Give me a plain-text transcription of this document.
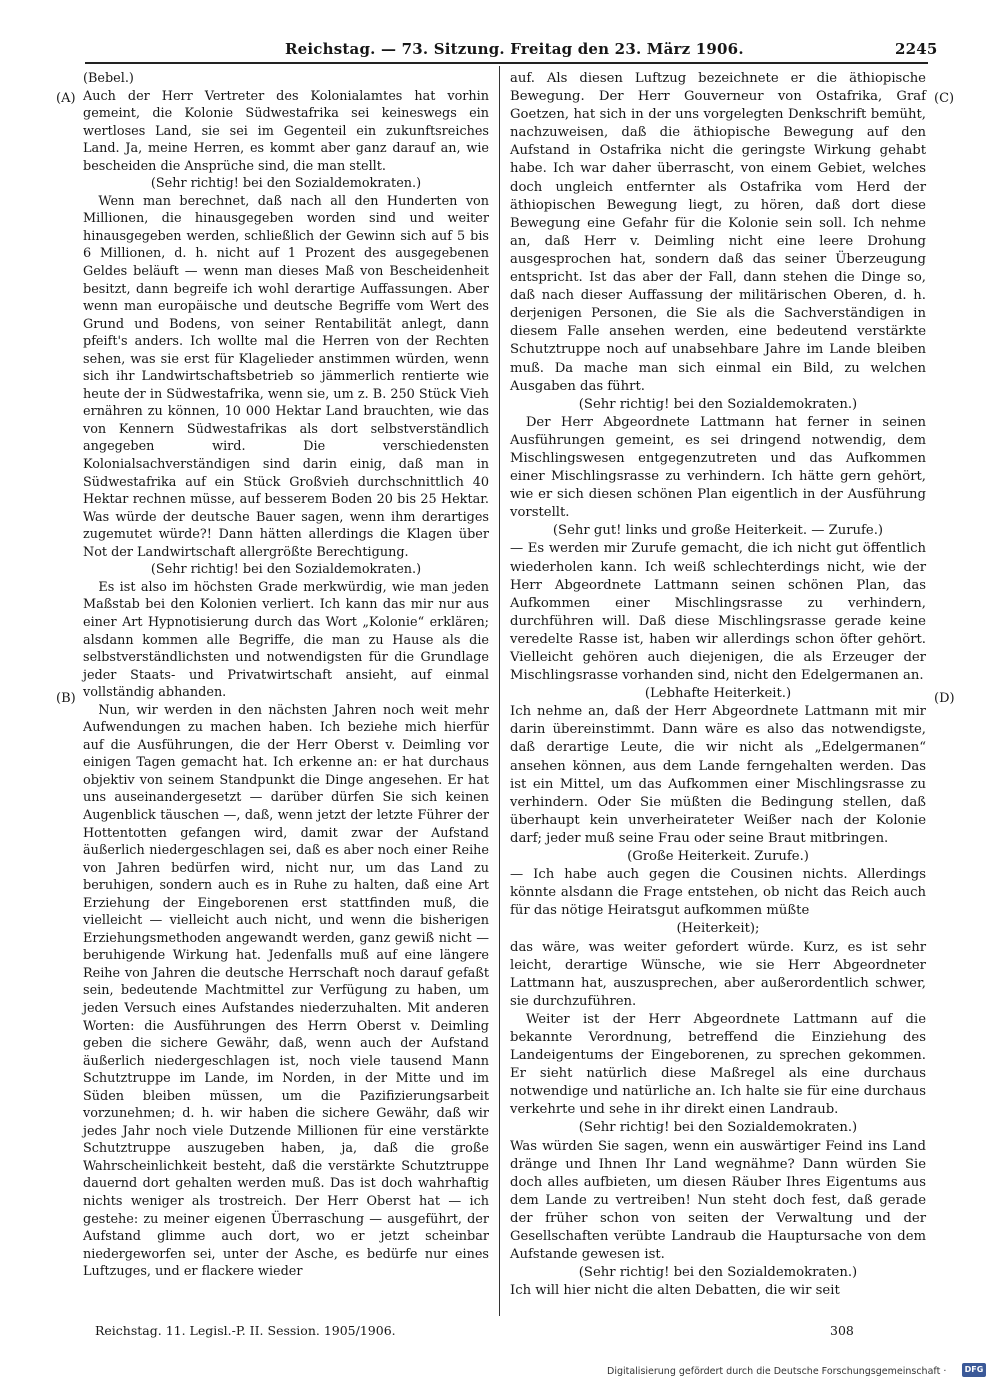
Reichstag. — 73. Sitzung. Freitag den 23. März 1906.	2245
(A)
(B)
(C)
(D)

(Bebel.)

Auch der Herr Vertreter des Kolonialamtes hat vorhin gemeint, die Kolonie Südwestafrika sei keineswegs ein wertloses Land, sie sei im Gegenteil ein zukunftsreiches Land. Ja, meine Herren, es kommt aber ganz darauf an, wie bescheiden die Ansprüche sind, die man stellt.

(Sehr richtig! bei den Sozialdemokraten.)

Wenn man berechnet, daß nach all den Hunderten von Millionen, die hinausgegeben worden sind und weiter hinausgegeben werden, schließlich der Gewinn sich auf 5 bis 6 Millionen, d. h. nicht auf 1 Prozent des ausgegebenen Geldes beläuft — wenn man dieses Maß von Bescheidenheit besitzt, dann begreife ich wohl derartige Auffassungen. Aber wenn man europäische und deutsche Begriffe vom Wert des Grund und Bodens, von seiner Rentabilität anlegt, dann pfeift's anders. Ich wollte mal die Herren von der Rechten sehen, was sie erst für Klagelieder anstimmen würden, wenn sich ihr Landwirtschaftsbetrieb so jämmerlich rentierte wie heute der in Südwestafrika, wenn sie, um z. B. 250 Stück Vieh ernähren zu können, 10 000 Hektar Land brauchten, wie das von Kennern Südwestafrikas als dort selbstverständlich angegeben wird. Die verschiedensten Kolonialsachverständigen sind darin einig, daß man in Südwestafrika auf ein Stück Großvieh durchschnittlich 40 Hektar rechnen müsse, auf besserem Boden 20 bis 25 Hektar. Was würde der deutsche Bauer sagen, wenn ihm derartiges zugemutet würde?! Dann hätten allerdings die Klagen über Not der Landwirtschaft allergrößte Berechtigung.

(Sehr richtig! bei den Sozialdemokraten.)

Es ist also im höchsten Grade merkwürdig, wie man jeden Maßstab bei den Kolonien verliert. Ich kann das mir nur aus einer Art Hypnotisierung durch das Wort „Kolonie“ erklären; alsdann kommen alle Begriffe, die man zu Hause als die selbstverständlichsten und notwendigsten für die Grundlage jeder Staats- und Privatwirtschaft ansieht, auf einmal vollständig abhanden.

Nun, wir werden in den nächsten Jahren noch weit mehr Aufwendungen zu machen haben. Ich beziehe mich hierfür auf die Ausführungen, die der Herr Oberst v. Deimling vor einigen Tagen gemacht hat. Ich erkenne an: er hat durchaus objektiv von seinem Standpunkt die Dinge angesehen. Er hat uns auseinandergesetzt — darüber dürfen Sie sich keinen Augenblick täuschen —, daß, wenn jetzt der letzte Führer der Hottentotten gefangen wird, damit zwar der Aufstand äußerlich niedergeschlagen sei, daß es aber noch einer Reihe von Jahren bedürfen wird, nicht nur, um das Land zu beruhigen, sondern auch es in Ruhe zu halten, daß eine Art Erziehung der Eingeborenen erst stattfinden muß, die vielleicht — vielleicht auch nicht, und wenn die bisherigen Erziehungsmethoden angewandt werden, ganz gewiß nicht — beruhigende Wirkung hat. Jedenfalls muß auf eine längere Reihe von Jahren die deutsche Herrschaft noch darauf gefaßt sein, bedeutende Machtmittel zur Verfügung zu haben, um jeden Versuch eines Aufstandes niederzuhalten. Mit anderen Worten: die Ausführungen des Herrn Oberst v. Deimling geben die sichere Gewähr, daß, wenn auch der Aufstand äußerlich niedergeschlagen ist, noch viele tausend Mann Schutztruppe im Lande, im Norden, in der Mitte und im Süden bleiben müssen, um die Pazifizierungsarbeit vorzunehmen; d. h. wir haben die sichere Gewähr, daß wir jedes Jahr noch viele Dutzende Millionen für eine verstärkte Schutztruppe auszugeben haben, ja, daß die große Wahrscheinlichkeit besteht, daß die verstärkte Schutztruppe dauernd dort gehalten werden muß. Das ist doch wahrhaftig nichts weniger als trostreich. Der Herr Oberst hat — ich gestehe: zu meiner eigenen Überraschung — ausgeführt, der Aufstand glimme auch dort, wo er jetzt scheinbar niedergeworfen sei, unter der Asche, es bedürfe nur eines Luftzuges, und er flackere wieder

auf. Als diesen Luftzug bezeichnete er die äthiopische Bewegung. Der Herr Gouverneur von Ostafrika, Graf Goetzen, hat sich in der uns vorgelegten Denkschrift bemüht, nachzuweisen, daß die äthiopische Bewegung auf den Aufstand in Ostafrika nicht die geringste Wirkung gehabt habe. Ich war daher überrascht, von einem Gebiet, welches doch ungleich entfernter als Ostafrika vom Herd der äthiopischen Bewegung liegt, zu hören, daß dort diese Bewegung eine Gefahr für die Kolonie sein soll. Ich nehme an, daß Herr v. Deimling nicht eine leere Drohung ausgesprochen hat, sondern daß das seiner Überzeugung entspricht. Ist das aber der Fall, dann stehen die Dinge so, daß nach dieser Auffassung der militärischen Oberen, d. h. derjenigen Personen, die Sie als die Sachverständigen in diesem Falle ansehen werden, eine bedeutend verstärkte Schutztruppe noch auf unabsehbare Jahre im Lande bleiben muß. Da mache man sich einmal ein Bild, zu welchen Ausgaben das führt.

(Sehr richtig! bei den Sozialdemokraten.)

Der Herr Abgeordnete Lattmann hat ferner in seinen Ausführungen gemeint, es sei dringend notwendig, dem Mischlingswesen entgegenzutreten und das Aufkommen einer Mischlingsrasse zu verhindern. Ich hätte gern gehört, wie er sich diesen schönen Plan eigentlich in der Ausführung vorstellt.

(Sehr gut! links und große Heiterkeit. — Zurufe.)

— Es werden mir Zurufe gemacht, die ich nicht gut öffentlich wiederholen kann. Ich weiß schlechterdings nicht, wie der Herr Abgeordnete Lattmann seinen schönen Plan, das Aufkommen einer Mischlingsrasse zu verhindern, durchführen will. Daß diese Mischlingsrasse gerade keine veredelte Rasse ist, haben wir allerdings schon öfter gehört. Vielleicht gehören auch diejenigen, die als Erzeuger der Mischlingsrasse vorhanden sind, nicht den Edelgermanen an.

(Lebhafte Heiterkeit.)

Ich nehme an, daß der Herr Abgeordnete Lattmann mit mir darin übereinstimmt. Dann wäre es also das notwendigste, daß derartige Leute, die wir nicht als „Edelgermanen“ ansehen können, aus dem Lande ferngehalten werden. Das ist ein Mittel, um das Aufkommen einer Mischlingsrasse zu verhindern. Oder Sie müßten die Bedingung stellen, daß überhaupt kein unverheirateter Weißer nach der Kolonie darf; jeder muß seine Frau oder seine Braut mitbringen.

(Große Heiterkeit. Zurufe.)

— Ich habe auch gegen die Cousinen nichts. Allerdings könnte alsdann die Frage entstehen, ob nicht das Reich auch für das nötige Heiratsgut aufkommen müßte

(Heiterkeit);

das wäre, was weiter gefordert würde. Kurz, es ist sehr leicht, derartige Wünsche, wie sie Herr Abgeordneter Lattmann hat, auszusprechen, aber außerordentlich schwer, sie durchzuführen.

Weiter ist der Herr Abgeordnete Lattmann auf die bekannte Verordnung, betreffend die Einziehung des Landeigentums der Eingeborenen, zu sprechen gekommen. Er sieht natürlich diese Maßregel als eine durchaus notwendige und natürliche an. Ich halte sie für eine durchaus verkehrte und sehe in ihr direkt einen Landraub.

(Sehr richtig! bei den Sozialdemokraten.)

Was würden Sie sagen, wenn ein auswärtiger Feind ins Land dränge und Ihnen Ihr Land wegnähme? Dann würden Sie doch alles aufbieten, um diesen Räuber Ihres Eigentums aus dem Lande zu vertreiben! Nun steht doch fest, daß gerade der früher schon von seiten der Verwaltung und der Gesellschaften verübte Landraub die Hauptursache von dem Aufstande gewesen ist.

(Sehr richtig! bei den Sozialdemokraten.)

Ich will hier nicht die alten Debatten, die wir seit

Reichstag. 11. Legisl.-P. II. Session. 1905/1906.	308
Digitalisierung gefördert durch die Deutsche Forschungsgemeinschaft ·	DFG
